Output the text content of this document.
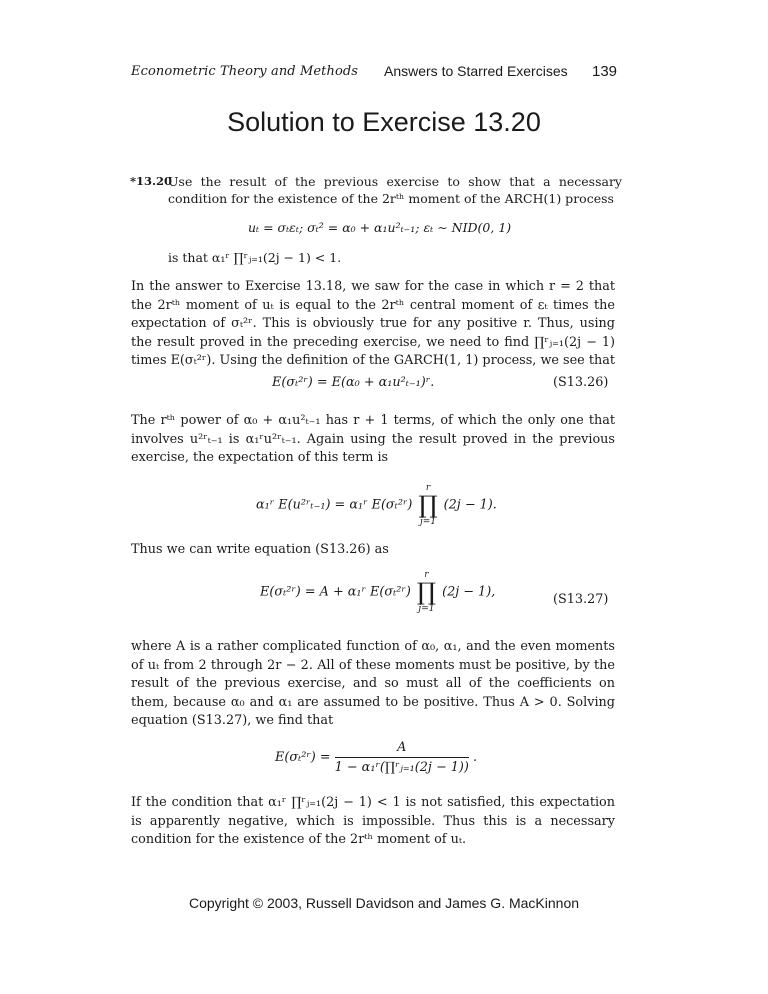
Econometric Theory and Methods Answers to Starred Exercises 139
Solution to Exercise 13.20
*13.20
Use the result of the previous exercise to show that a necessary condition for the existence of the 2rᵗʰ moment of the ARCH(1) process
uₜ = σₜεₜ; σₜ² = α₀ + α₁u²ₜ₋₁; εₜ ∼ NID(0, 1)
is that α₁ʳ ∏ʳⱼ₌₁(2j − 1) < 1.
In the answer to Exercise 13.18, we saw for the case in which r = 2 that the 2rᵗʰ moment of uₜ is equal to the 2rᵗʰ central moment of εₜ times the expectation of σₜ²ʳ. This is obviously true for any positive r. Thus, using the result proved in the preceding exercise, we need to find ∏ʳⱼ₌₁(2j − 1) times E(σₜ²ʳ). Using the definition of the GARCH(1, 1) process, we see that
E(σₜ²ʳ) = E(α₀ + α₁u²ₜ₋₁)ʳ.	(S13.26)
The rᵗʰ power of α₀ + α₁u²ₜ₋₁ has r + 1 terms, of which the only one that involves u²ʳₜ₋₁ is α₁ʳu²ʳₜ₋₁. Again using the result proved in the previous exercise, the expectation of this term is
α₁ʳ E(u²ʳₜ₋₁) = α₁ʳ E(σₜ²ʳ)
r
∏
j=1
(2j − 1).
Thus we can write equation (S13.26) as
E(σₜ²ʳ) = A + α₁ʳ E(σₜ²ʳ)
r
∏
j=1
(2j − 1),	(S13.27)
where A is a rather complicated function of α₀, α₁, and the even moments of uₜ from 2 through 2r − 2. All of these moments must be positive, by the result of the previous exercise, and so must all of the coefficients on them, because α₀ and α₁ are assumed to be positive. Thus A > 0. Solving equation (S13.27), we find that
E(σₜ²ʳ) = $\frac{A}{\text{1 − α₁ʳ(∏ʳⱼ₌₁(2j − 1))}}$ .
If the condition that α₁ʳ ∏ʳⱼ₌₁(2j − 1) < 1 is not satisfied, this expectation is apparently negative, which is impossible. Thus this is a necessary condition for the existence of the 2rᵗʰ moment of uₜ.
Copyright © 2003, Russell Davidson and James G. MacKinnon
